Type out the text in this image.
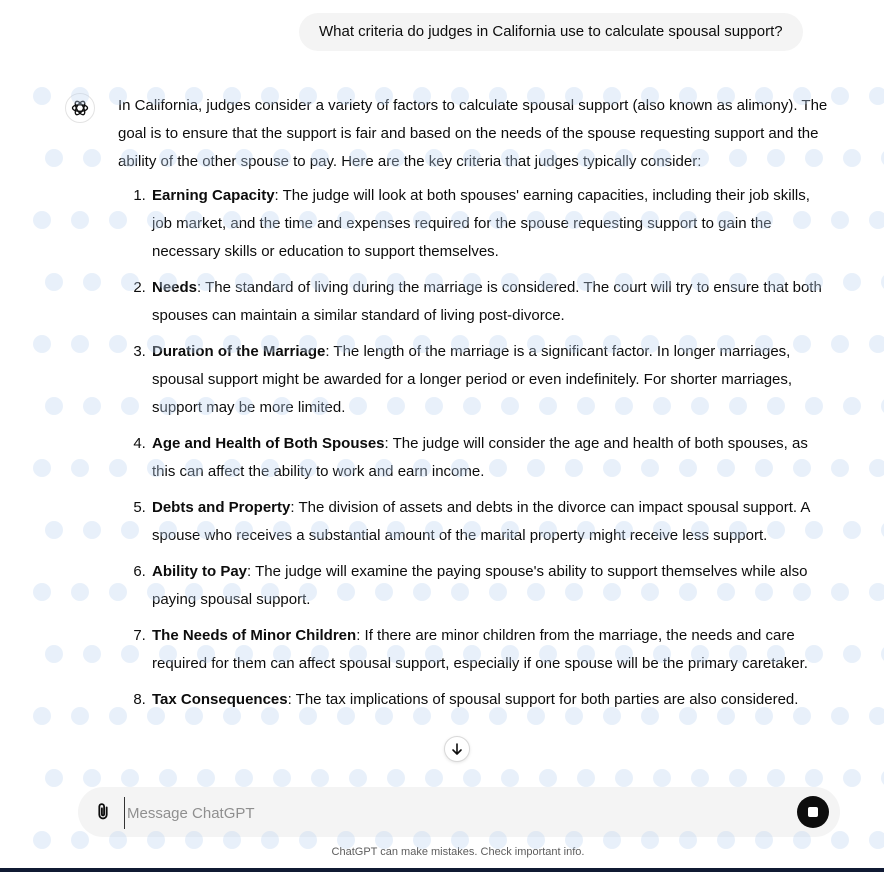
What criteria do judges in California use to calculate spousal support?

In California, judges consider a variety of factors to calculate spousal support (also known as alimony). The goal is to ensure that the support is fair and based on the needs of the spouse requesting support and the ability of the other spouse to pay. Here are the key criteria that judges typically consider:

1. Earning Capacity: The judge will look at both spouses' earning capacities, including their job skills, job market, and the time and expenses required for the spouse requesting support to gain the necessary skills or education to support themselves.
2. Needs: The standard of living during the marriage is considered. The court will try to ensure that both spouses can maintain a similar standard of living post-divorce.
3. Duration of the Marriage: The length of the marriage is a significant factor. In longer marriages, spousal support might be awarded for a longer period or even indefinitely. For shorter marriages, support may be more limited.
4. Age and Health of Both Spouses: The judge will consider the age and health of both spouses, as this can affect the ability to work and earn income.
5. Debts and Property: The division of assets and debts in the divorce can impact spousal support. A spouse who receives a substantial amount of the marital property might receive less support.
6. Ability to Pay: The judge will examine the paying spouse's ability to support themselves while also paying spousal support.
7. The Needs of Minor Children: If there are minor children from the marriage, the needs and care required for them can affect spousal support, especially if one spouse will be the primary caretaker.
8. Tax Consequences: The tax implications of spousal support for both parties are also considered.
Message ChatGPT
ChatGPT can make mistakes. Check important info.
